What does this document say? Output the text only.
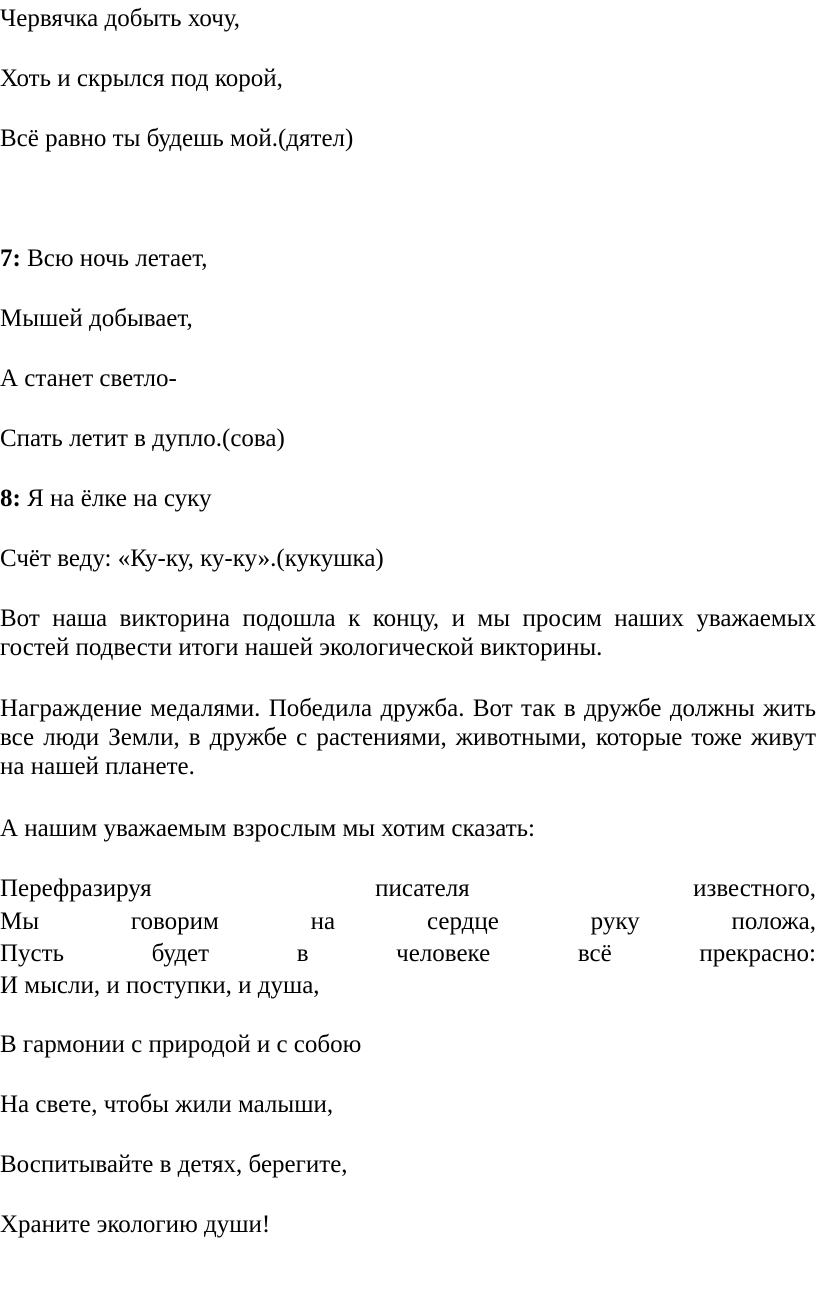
Червячка добыть хочу,
Хоть и скрылся под корой,
Всё равно ты будешь мой.(дятел)
7: Всю ночь летает,
Мышей добывает,
А станет светло-
Спать летит в дупло.(сова)
8: Я на ёлке на суку
Счёт веду: «Ку-ку, ку-ку».(кукушка)
Вот наша викторина подошла к концу, и мы просим наших уважаемых гостей подвести итоги нашей экологической викторины.
Награждение медалями. Победила дружба. Вот так в дружбе должны жить все люди Земли, в дружбе с растениями, животными, которые тоже живут на нашей планете.
А нашим уважаемым взрослым мы хотим сказать:
Перефразируя	писателя	известного,
Мы	говорим	на	сердце	руку	положа,
Пусть	будет	в	человеке	всё	прекрасно:
И мысли, и поступки, и душа,
В гармонии с природой и с собою
На свете, чтобы жили малыши,
Воспитывайте в детях, берегите,
Храните экологию души!
